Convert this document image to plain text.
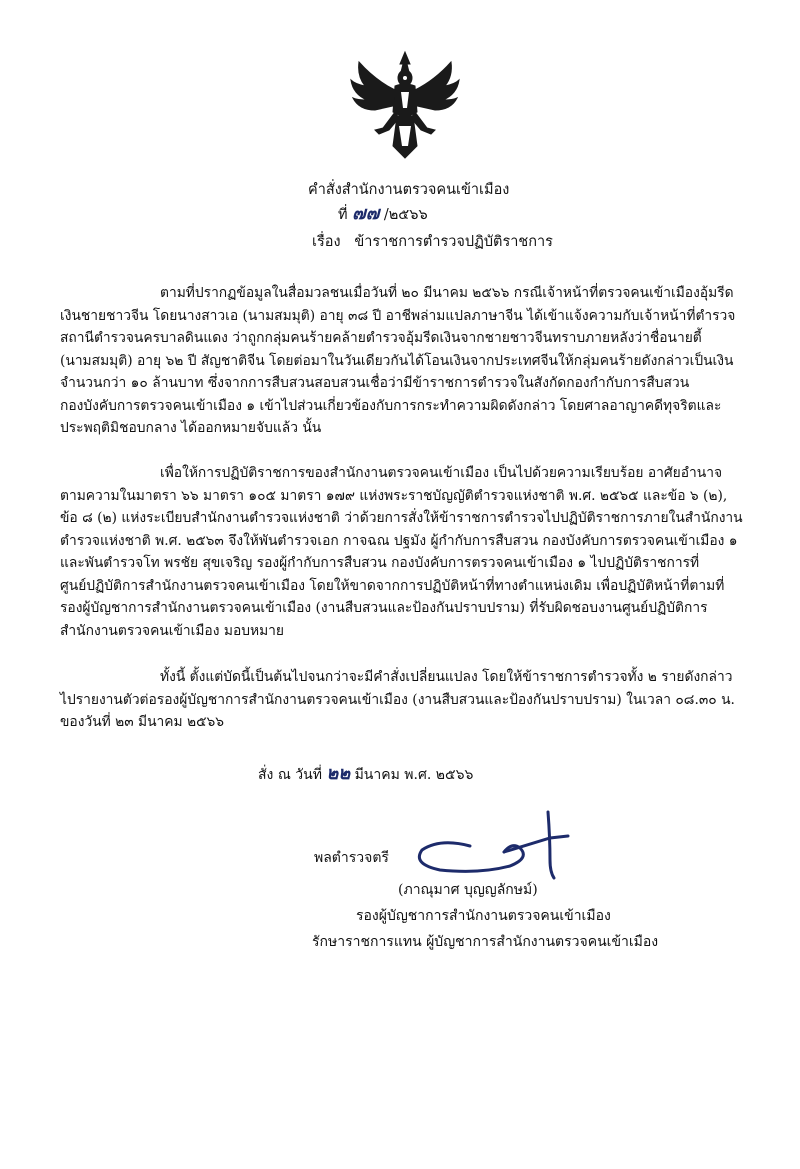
คำสั่งสำนักงานตรวจคนเข้าเมือง
ที่ ๗๗ /๒๕๖๖
เรื่อง ข้าราชการตำรวจปฏิบัติราชการ
ตามที่ปรากฏข้อมูลในสื่อมวลชนเมื่อวันที่ ๒๐ มีนาคม ๒๕๖๖ กรณีเจ้าหน้าที่ตรวจคนเข้าเมืองอุ้มรีด
เงินชายชาวจีน โดยนางสาวเอ (นามสมมุติ) อายุ ๓๘ ปี อาชีพล่ามแปลภาษาจีน ได้เข้าแจ้งความกับเจ้าหน้าที่ตำรวจ
สถานีตำรวจนครบาลดินแดง ว่าถูกกลุ่มคนร้ายคล้ายตำรวจอุ้มรีดเงินจากชายชาวจีนทราบภายหลังว่าชื่อนายตี้
(นามสมมุติ) อายุ ๖๒ ปี สัญชาติจีน โดยต่อมาในวันเดียวกันได้โอนเงินจากประเทศจีนให้กลุ่มคนร้ายดังกล่าวเป็นเงิน
จำนวนกว่า ๑๐ ล้านบาท ซึ่งจากการสืบสวนสอบสวนเชื่อว่ามีข้าราชการตำรวจในสังกัดกองกำกับการสืบสวน
กองบังคับการตรวจคนเข้าเมือง ๑ เข้าไปส่วนเกี่ยวข้องกับการกระทำความผิดดังกล่าว โดยศาลอาญาคดีทุจริตและ
ประพฤติมิชอบกลาง ได้ออกหมายจับแล้ว นั้น
เพื่อให้การปฏิบัติราชการของสำนักงานตรวจคนเข้าเมือง เป็นไปด้วยความเรียบร้อย อาศัยอำนาจ
ตามความในมาตรา ๖๖ มาตรา ๑๐๕ มาตรา ๑๗๙ แห่งพระราชบัญญัติตำรวจแห่งชาติ พ.ศ. ๒๕๖๕ และข้อ ๖ (๒),
ข้อ ๘ (๒) แห่งระเบียบสำนักงานตำรวจแห่งชาติ ว่าด้วยการสั่งให้ข้าราชการตำรวจไปปฏิบัติราชการภายในสำนักงาน
ตำรวจแห่งชาติ พ.ศ. ๒๕๖๓ จึงให้พันตำรวจเอก กาจฉณ ปฐมัง ผู้กำกับการสืบสวน กองบังคับการตรวจคนเข้าเมือง ๑
และพันตำรวจโท พรชัย สุขเจริญ รองผู้กำกับการสืบสวน กองบังคับการตรวจคนเข้าเมือง ๑ ไปปฏิบัติราชการที่
ศูนย์ปฏิบัติการสำนักงานตรวจคนเข้าเมือง โดยให้ขาดจากการปฏิบัติหน้าที่ทางตำแหน่งเดิม เพื่อปฏิบัติหน้าที่ตามที่
รองผู้บัญชาการสำนักงานตรวจคนเข้าเมือง (งานสืบสวนและป้องกันปราบปราม) ที่รับผิดชอบงานศูนย์ปฏิบัติการ
สำนักงานตรวจคนเข้าเมือง มอบหมาย
ทั้งนี้ ตั้งแต่บัดนี้เป็นต้นไปจนกว่าจะมีคำสั่งเปลี่ยนแปลง โดยให้ข้าราชการตำรวจทั้ง ๒ รายดังกล่าว
ไปรายงานตัวต่อรองผู้บัญชาการสำนักงานตรวจคนเข้าเมือง (งานสืบสวนและป้องกันปราบปราม) ในเวลา ๐๘.๓๐ น.
ของวันที่ ๒๓ มีนาคม ๒๕๖๖
สั่ง ณ วันที่ ๒๒ มีนาคม พ.ศ. ๒๕๖๖
พลตำรวจตรี
(ภาณุมาศ บุญญลักษม์)
รองผู้บัญชาการสำนักงานตรวจคนเข้าเมือง
รักษาราชการแทน ผู้บัญชาการสำนักงานตรวจคนเข้าเมือง
